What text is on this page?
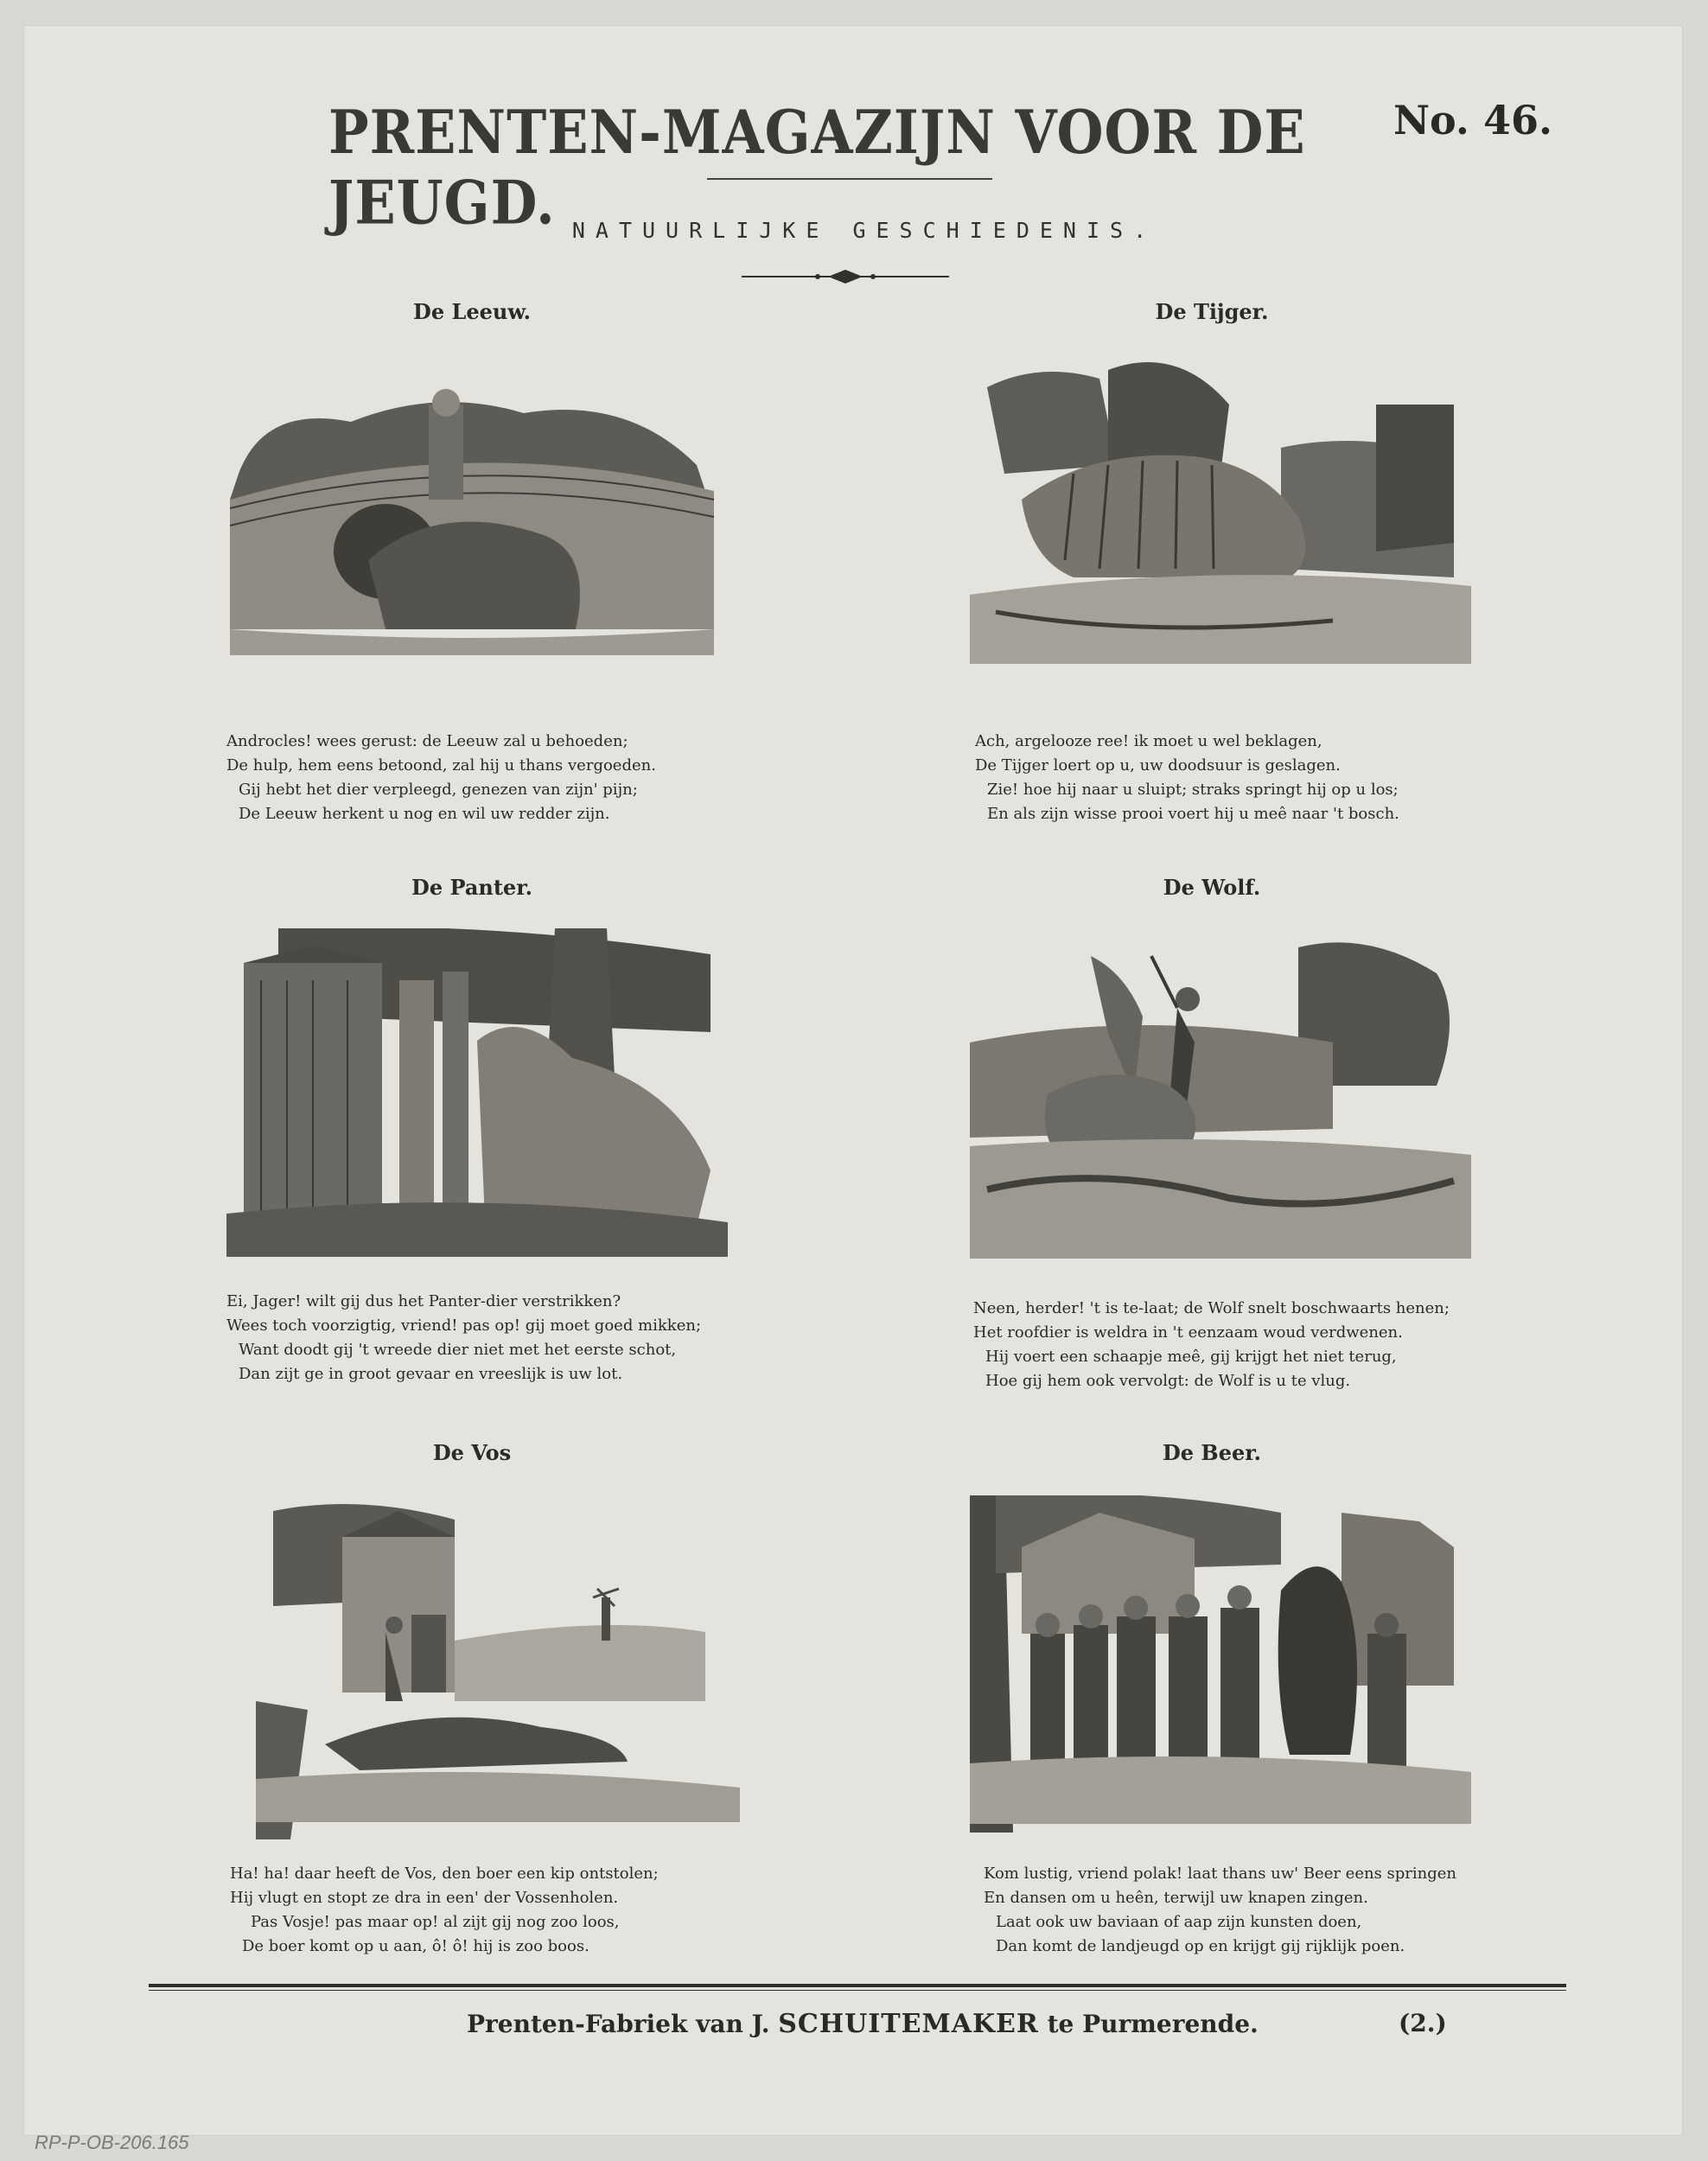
PRENTEN-MAGAZIJN VOOR DE JEUGD.
No. 46.
NATUURLIJKE GESCHIEDENIS.
De Leeuw.
Androcles! wees gerust: de Leeuw zal u behoeden;
De hulp, hem eens betoond, zal hij u thans vergoeden.
Gij hebt het dier verpleegd, genezen van zijn' pijn;
De Leeuw herkent u nog en wil uw redder zijn.
De Tijger.
Ach, argelooze ree! ik moet u wel beklagen,
De Tijger loert op u, uw doodsuur is geslagen.
Zie! hoe hij naar u sluipt; straks springt hij op u los;
En als zijn wisse prooi voert hij u meê naar 't bosch.
De Panter.
Ei, Jager! wilt gij dus het Panter-dier verstrikken?
Wees toch voorzigtig, vriend! pas op! gij moet goed mikken;
Want doodt gij 't wreede dier niet met het eerste schot,
Dan zijt ge in groot gevaar en vreeslijk is uw lot.
De Wolf.
Neen, herder! 't is te-laat; de Wolf snelt boschwaarts henen;
Het roofdier is weldra in 't eenzaam woud verdwenen.
Hij voert een schaapje meê, gij krijgt het niet terug,
Hoe gij hem ook vervolgt: de Wolf is u te vlug.
De Vos
Ha! ha! daar heeft de Vos, den boer een kip ontstolen;
Hij vlugt en stopt ze dra in een' der Vossenholen.
Pas Vosje! pas maar op! al zijt gij nog zoo loos,
De boer komt op u aan, ô! ô! hij is zoo boos.
De Beer.
Kom lustig, vriend polak! laat thans uw' Beer eens springen
En dansen om u heên, terwijl uw knapen zingen.
Laat ook uw baviaan of aap zijn kunsten doen,
Dan komt de landjeugd op en krijgt gij rijklijk poen.
Prenten-Fabriek van J. SCHUITEMAKER te Purmerende.	(2.)
RP-P-OB-206.165
